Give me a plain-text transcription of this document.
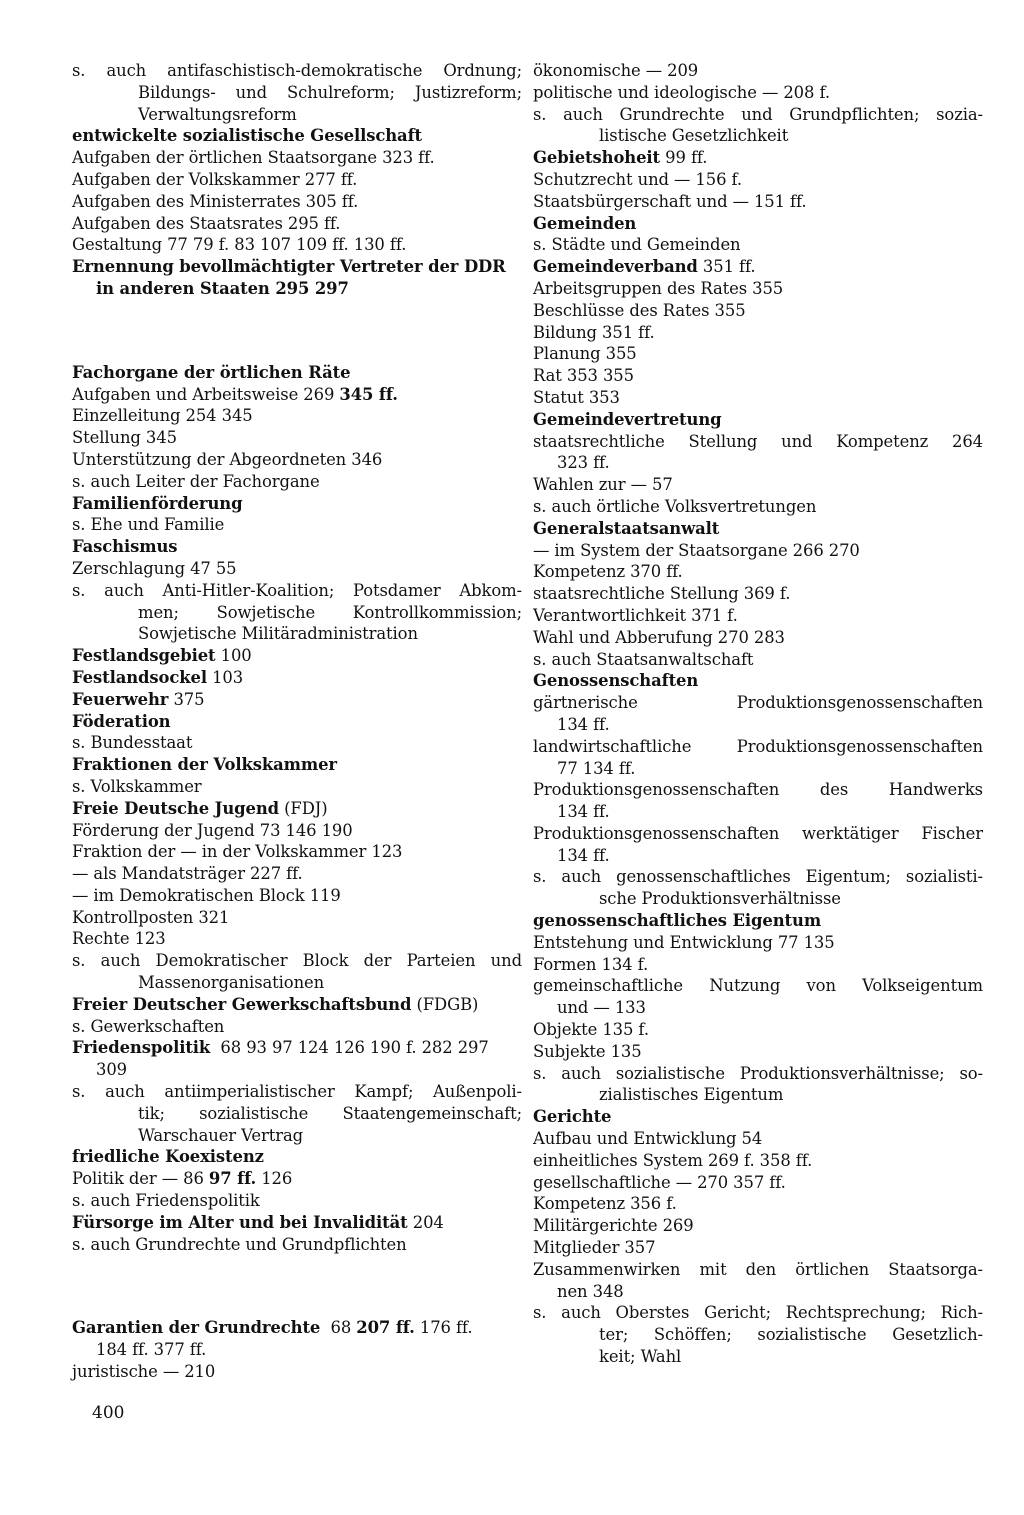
s. auch antifaschistisch-demokratische Ordnung;
Bildungs- und Schulreform; Justizreform;
Verwaltungsreform
entwickelte sozialistische Gesellschaft
Aufgaben der örtlichen Staatsorgane 323 ff.
Aufgaben der Volkskammer 277 ff.
Aufgaben des Ministerrates 305 ff.
Aufgaben des Staatsrates 295 ff.
Gestaltung 77 79 f. 83 107 109 ff. 130 ff.
Ernennung bevollmächtigter Vertreter der DDR
in anderen Staaten 295 297
Fachorgane der örtlichen Räte
Aufgaben und Arbeitsweise 269 345 ff.
Einzelleitung 254 345
Stellung 345
Unterstützung der Abgeordneten 346
s. auch Leiter der Fachorgane
Familienförderung
s. Ehe und Familie
Faschismus
Zerschlagung 47 55
s. auch Anti-Hitler-Koalition; Potsdamer Abkom-
men; Sowjetische Kontrollkommission;
Sowjetische Militäradministration
Festlandsgebiet 100
Festlandsockel 103
Feuerwehr 375
Föderation
s. Bundesstaat
Fraktionen der Volkskammer
s. Volkskammer
Freie Deutsche Jugend (FDJ)
Förderung der Jugend 73 146 190
Fraktion der — in der Volkskammer 123
— als Mandatsträger 227 ff.
— im Demokratischen Block 119
Kontrollposten 321
Rechte 123
s. auch Demokratischer Block der Parteien und
Massenorganisationen
Freier Deutscher Gewerkschaftsbund (FDGB)
s. Gewerkschaften
Friedenspolitik 68 93 97 124 126 190 f. 282 297
309
s. auch antiimperialistischer Kampf; Außenpoli-
tik; sozialistische Staatengemeinschaft;
Warschauer Vertrag
friedliche Koexistenz
Politik der — 86 97 ff. 126
s. auch Friedenspolitik
Fürsorge im Alter und bei Invalidität 204
s. auch Grundrechte und Grundpflichten
Garantien der Grundrechte 68 207 ff. 176 ff.
184 ff. 377 ff.
juristische — 210
ökonomische — 209
politische und ideologische — 208 f.
s. auch Grundrechte und Grundpflichten; sozia-
listische Gesetzlichkeit
Gebietshoheit 99 ff.
Schutzrecht und — 156 f.
Staatsbürgerschaft und — 151 ff.
Gemeinden
s. Städte und Gemeinden
Gemeindeverband 351 ff.
Arbeitsgruppen des Rates 355
Beschlüsse des Rates 355
Bildung 351 ff.
Planung 355
Rat 353 355
Statut 353
Gemeindevertretung
staatsrechtliche Stellung und Kompetenz 264
323 ff.
Wahlen zur — 57
s. auch örtliche Volksvertretungen
Generalstaatsanwalt
— im System der Staatsorgane 266 270
Kompetenz 370 ff.
staatsrechtliche Stellung 369 f.
Verantwortlichkeit 371 f.
Wahl und Abberufung 270 283
s. auch Staatsanwaltschaft
Genossenschaften
gärtnerische Produktionsgenossenschaften
134 ff.
landwirtschaftliche Produktionsgenossenschaften
77 134 ff.
Produktionsgenossenschaften des Handwerks
134 ff.
Produktionsgenossenschaften werktätiger Fischer
134 ff.
s. auch genossenschaftliches Eigentum; sozialisti-
sche Produktionsverhältnisse
genossenschaftliches Eigentum
Entstehung und Entwicklung 77 135
Formen 134 f.
gemeinschaftliche Nutzung von Volkseigentum
und — 133
Objekte 135 f.
Subjekte 135
s. auch sozialistische Produktionsverhältnisse; so-
zialistisches Eigentum
Gerichte
Aufbau und Entwicklung 54
einheitliches System 269 f. 358 ff.
gesellschaftliche — 270 357 ff.
Kompetenz 356 f.
Militärgerichte 269
Mitglieder 357
Zusammenwirken mit den örtlichen Staatsorga-
nen 348
s. auch Oberstes Gericht; Rechtsprechung; Rich-
ter; Schöffen; sozialistische Gesetzlich-
keit; Wahl
400
